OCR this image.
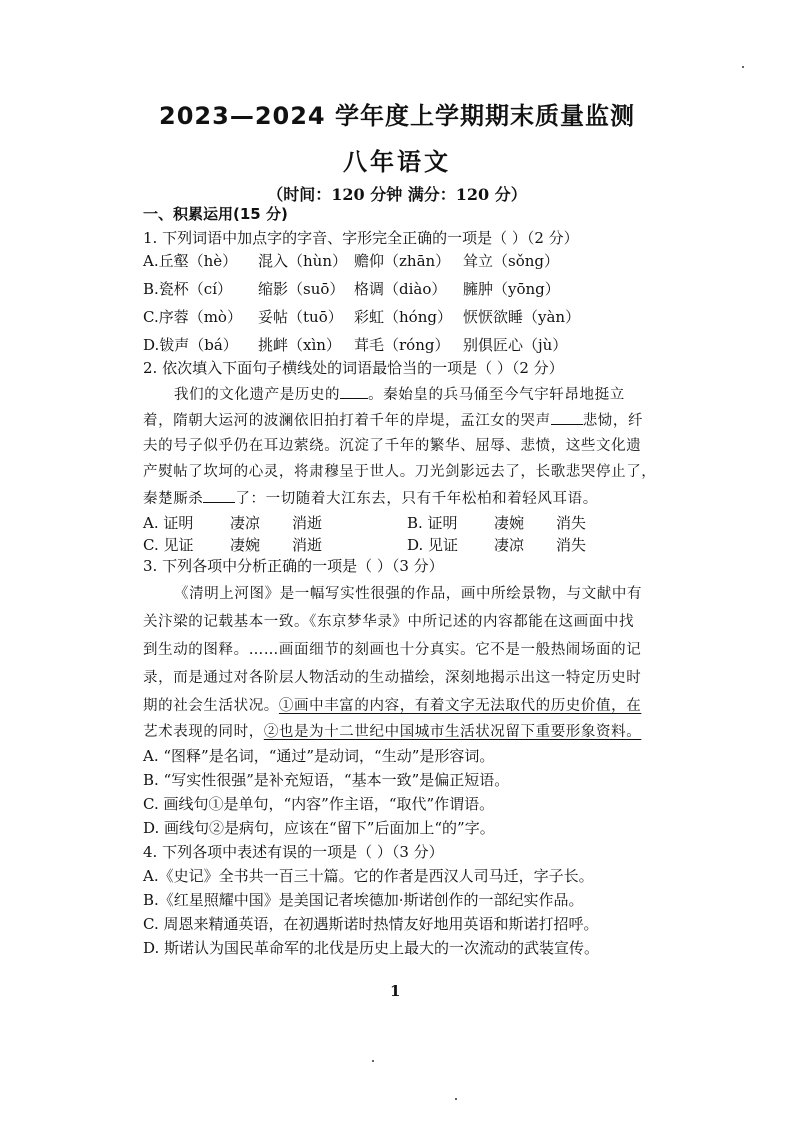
2023—2024 学年度上学期期末质量监测
八年语文
（时间：120 分钟 满分：120 分）
一、积累运用(15 分)
1. 下列词语中加点字的字音、字形完全正确的一项是（ ）（2 分）
A.丘壑（hè） 混入（hùn） 赡仰（zhān） 耸立（sǒng）
B.瓷杯（cí） 缩影（suō） 格调（diào） 臃肿（yōng）
C.序蓉（mò） 妥帖（tuō） 彩虹（hóng） 恹恹欲睡（yàn）
D.钹声（bá） 挑衅（xìn） 茸毛（róng） 别俱匠心（jù）
2. 依次填入下面句子横线处的词语最恰当的一项是（ ）（2 分）
我们的文化遗产是历史的 。秦始皇的兵马俑至今气宇轩昂地挺立
着，隋朝大运河的波澜依旧拍打着千年的岸堤，孟江女的哭声 悲恸，纤
夫的号子似乎仍在耳边萦绕。沉淀了千年的繁华、屈辱、悲愤，这些文化遗
产熨帖了坎坷的心灵，将肃穆呈于世人。刀光剑影远去了，长歌悲哭停止了，
秦楚厮杀 了：一切随着大江东去，只有千年松柏和着轻风耳语。
A. 证明 凄凉 消逝	B. 证明 凄婉 消失
C. 见证 凄婉 消逝	D. 见证 凄凉 消失
3. 下列各项中分析正确的一项是（ ）（3 分）
《清明上河图》是一幅写实性很强的作品，画中所绘景物，与文献中有
关汴梁的记载基本一致。《东京梦华录》中所记述的内容都能在这画面中找
到生动的图释。……画面细节的刻画也十分真实。它不是一般热闹场面的记
录，而是通过对各阶层人物活动的生动描绘，深刻地揭示出这一特定历史时
期的社会生活状况。①画中丰富的内容，有着文字无法取代的历史价值，在
艺术表现的同时，②也是为十二世纪中国城市生活状况留下重要形象资料。
A. “图释”是名词，“通过”是动词，“生动”是形容词。
B. “写实性很强”是补充短语，“基本一致”是偏正短语。
C. 画线句①是单句，“内容”作主语，“取代”作谓语。
D. 画线句②是病句，应该在“留下”后面加上“的”字。
4. 下列各项中表述有误的一项是（ ）（3 分）
A.《史记》全书共一百三十篇。它的作者是西汉人司马迁，字子长。
B.《红星照耀中国》是美国记者埃德加·斯诺创作的一部纪实作品。
C. 周恩来精通英语，在初遇斯诺时热情友好地用英语和斯诺打招呼。
D. 斯诺认为国民革命军的北伐是历史上最大的一次流动的武装宣传。
1
